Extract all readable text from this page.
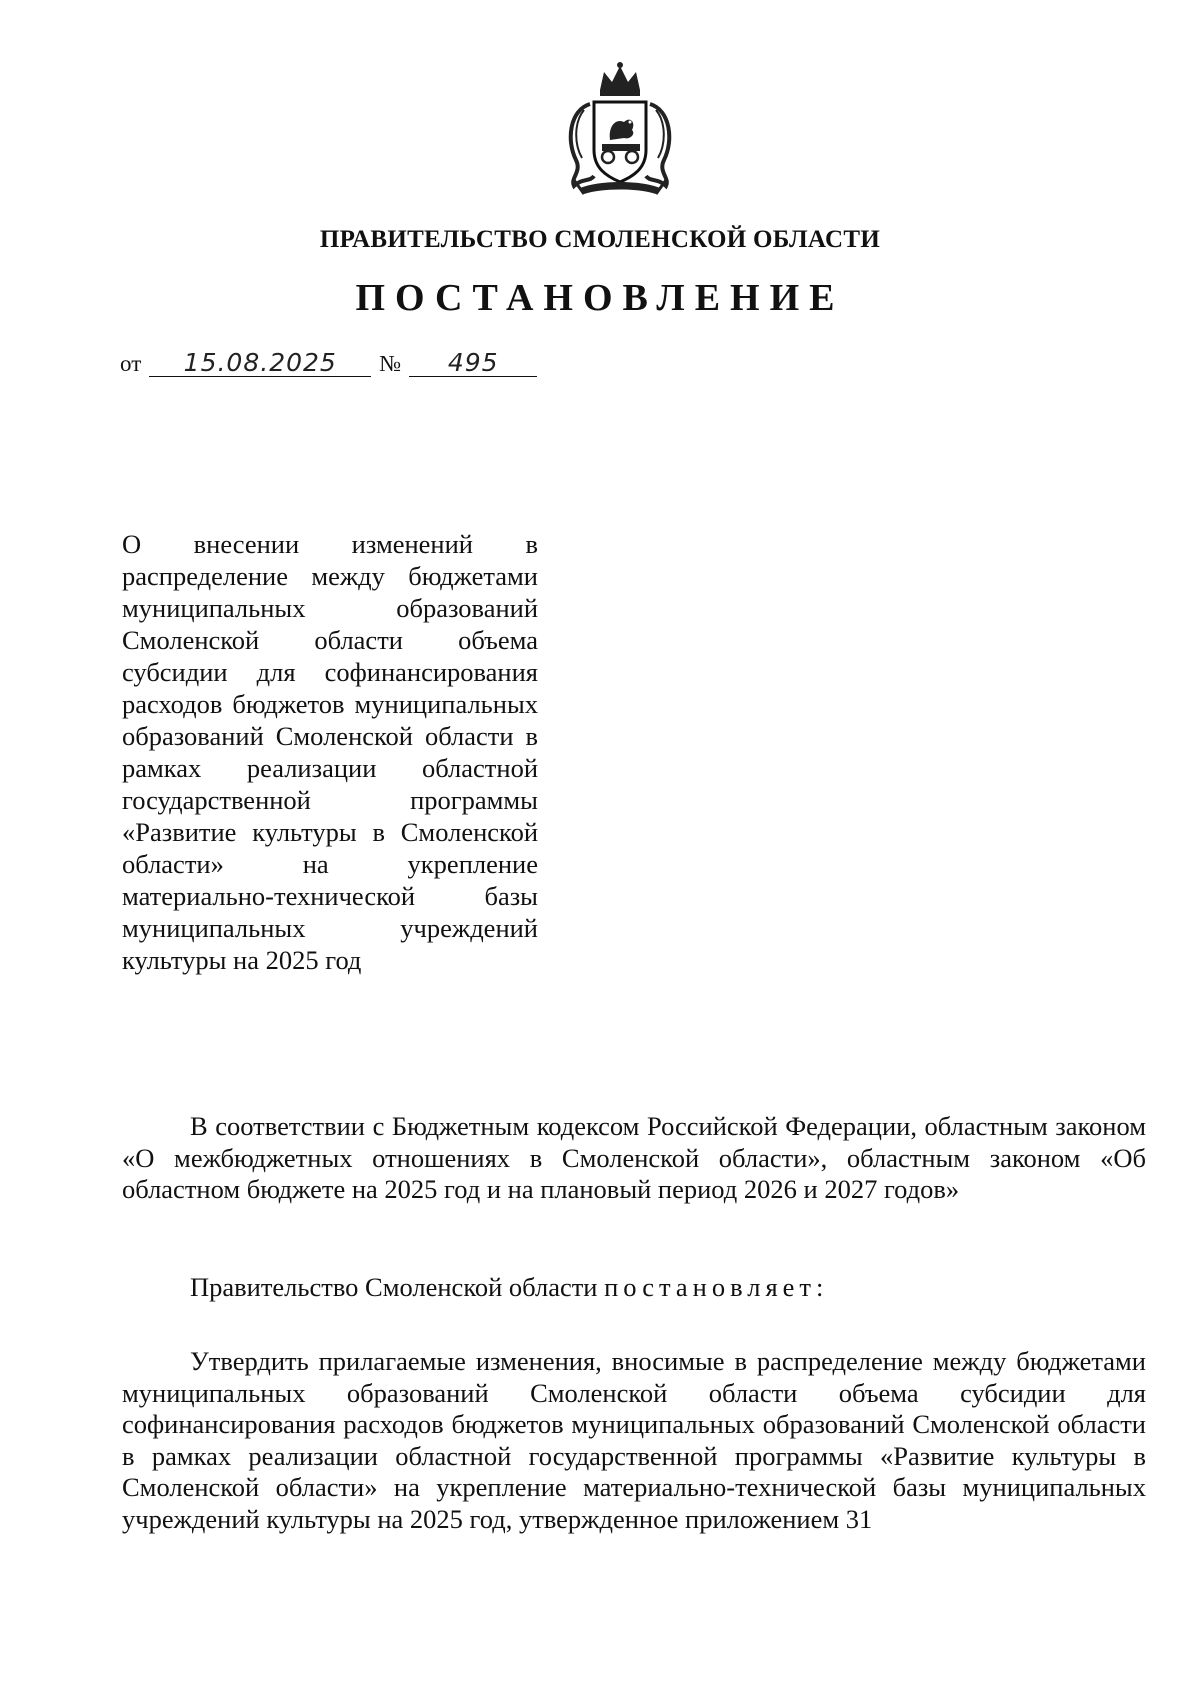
ПРАВИТЕЛЬСТВО СМОЛЕНСКОЙ ОБЛАСТИ
ПОСТАНОВЛЕНИЕ
от	15.08.2025	№	495
О внесении изменений в распределение между бюджетами муниципальных образований Смоленской области объема субсидии для софинансирования расходов бюджетов муниципальных образований Смоленской области в рамках реализации областной государственной программы «Развитие культуры в Смоленской области» на укрепление материально-технической базы муниципальных учреждений культуры на 2025 год
В соответствии с Бюджетным кодексом Российской Федерации, областным законом «О межбюджетных отношениях в Смоленской области», областным законом «Об областном бюджете на 2025 год и на плановый период 2026 и 2027 годов»
Правительство Смоленской области постановляет:
Утвердить прилагаемые изменения, вносимые в распределение между бюджетами муниципальных образований Смоленской области объема субсидии для софинансирования расходов бюджетов муниципальных образований Смоленской области в рамках реализации областной государственной программы «Развитие культуры в Смоленской области» на укрепление материально-технической базы муниципальных учреждений культуры на 2025 год, утвержденное приложением 31
